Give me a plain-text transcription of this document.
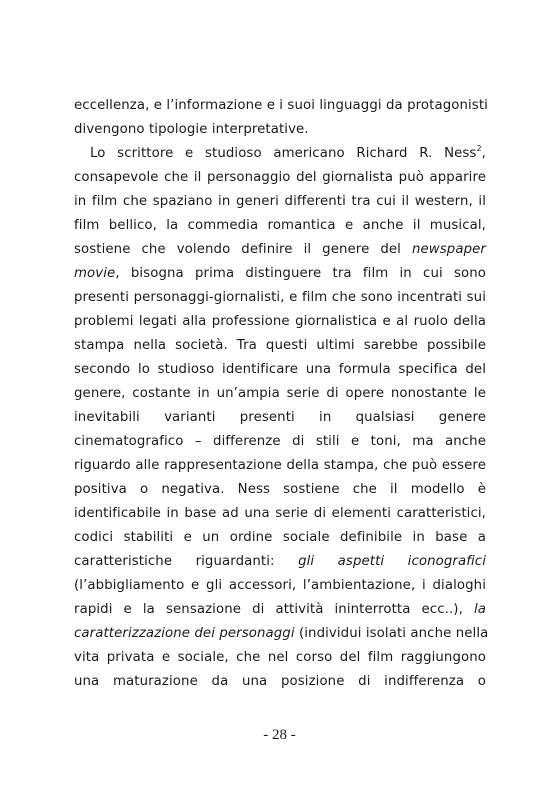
eccellenza, e l’informazione e i suoi linguaggi da protagonisti
divengono tipologie interpretative.
Lo scrittore e studioso americano Richard R. Ness$^2$,
consapevole che il personaggio del giornalista può apparire
in film che spaziano in generi differenti tra cui il western, il
film bellico, la commedia romantica e anche il musical,
sostiene che volendo definire il genere del newspaper
movie, bisogna prima distinguere tra film in cui sono
presenti personaggi-giornalisti, e film che sono incentrati sui
problemi legati alla professione giornalistica e al ruolo della
stampa nella società. Tra questi ultimi sarebbe possibile
secondo lo studioso identificare una formula specifica del
genere, costante in un’ampia serie di opere nonostante le
inevitabili varianti presenti in qualsiasi genere
cinematografico – differenze di stili e toni, ma anche
riguardo alle rappresentazione della stampa, che può essere
positiva o negativa. Ness sostiene che il modello è
identificabile in base ad una serie di elementi caratteristici,
codici stabiliti e un ordine sociale definibile in base a
caratteristiche riguardanti: gli aspetti iconografici
(l’abbigliamento e gli accessori, l’ambientazione, i dialoghi
rapidi e la sensazione di attività ininterrotta ecc..), la
caratterizzazione dei personaggi (individui isolati anche nella
vita privata e sociale, che nel corso del film raggiungono
una maturazione da una posizione di indifferenza o
- 28 -
